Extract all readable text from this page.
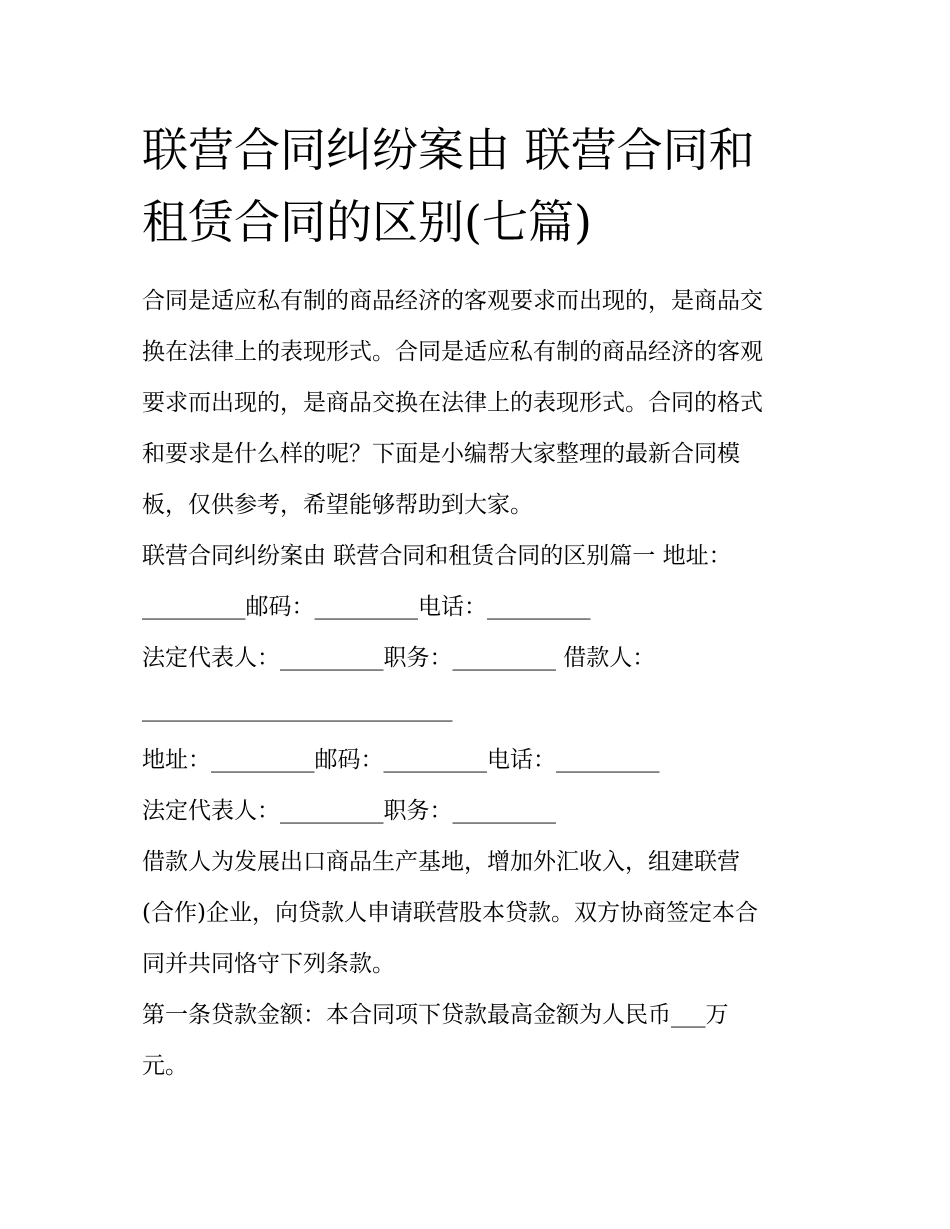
联营合同纠纷案由 联营合同和
租赁合同的区别(七篇)
合同是适应私有制的商品经济的客观要求而出现的，是商品交
换在法律上的表现形式。合同是适应私有制的商品经济的客观
要求而出现的，是商品交换在法律上的表现形式。合同的格式
和要求是什么样的呢？下面是小编帮大家整理的最新合同模
板，仅供参考，希望能够帮助到大家。
联营合同纠纷案由 联营合同和租赁合同的区别篇一 地址：
_________邮码：_________电话：_________
法定代表人：_________职务：_________ 借款人：
___________________________
地址：_________邮码：_________电话：_________
法定代表人：_________职务：_________
借款人为发展出口商品生产基地，增加外汇收入，组建联营
(合作)企业，向贷款人申请联营股本贷款。双方协商签定本合
同并共同恪守下列条款。
第一条贷款金额：本合同项下贷款最高金额为人民币___万
元。
